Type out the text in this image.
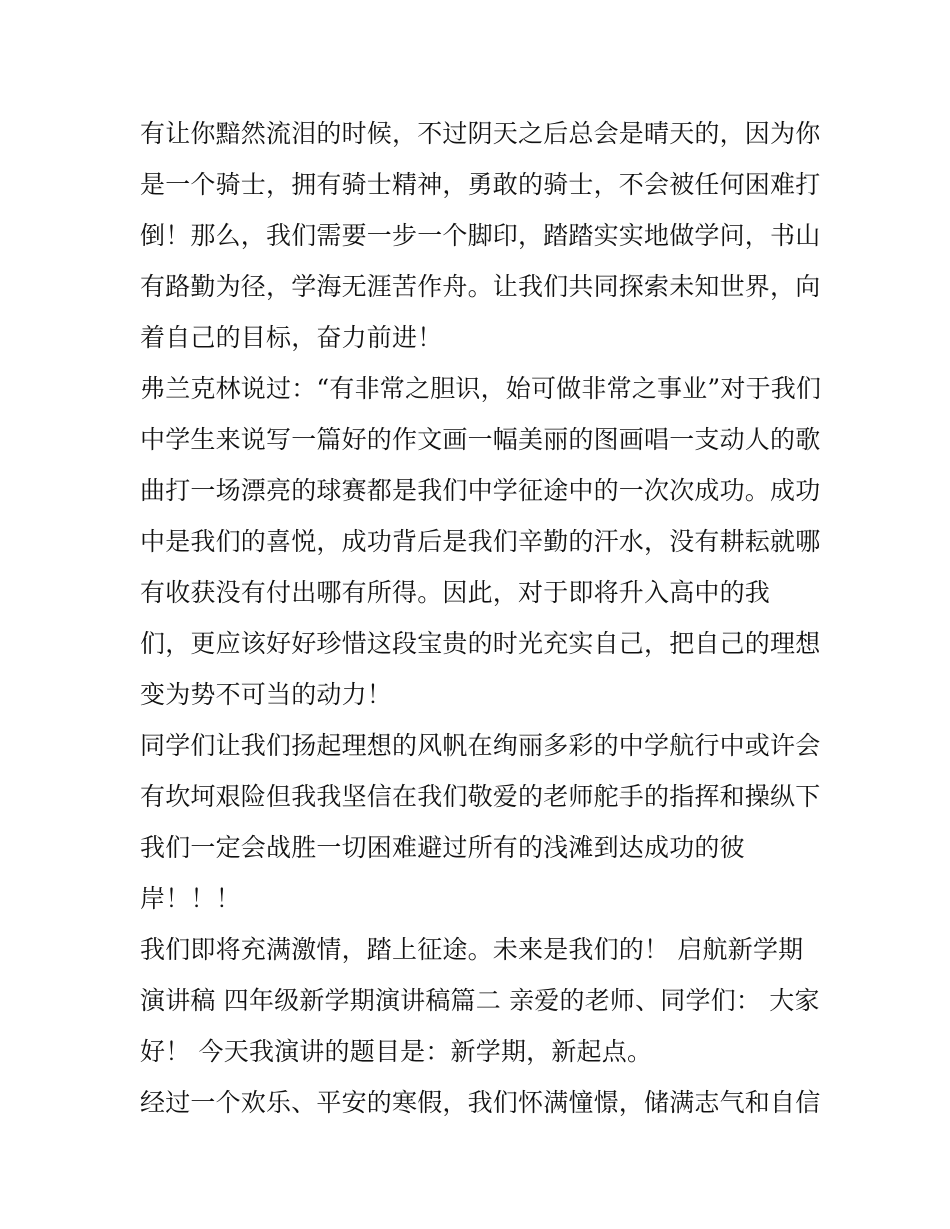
有让你黯然流泪的时候，不过阴天之后总会是晴天的，因为你
是一个骑士，拥有骑士精神，勇敢的骑士，不会被任何困难打
倒！那么，我们需要一步一个脚印，踏踏实实地做学问，书山
有路勤为径，学海无涯苦作舟。让我们共同探索未知世界，向
着自己的目标，奋力前进！
弗兰克林说过：“有非常之胆识，始可做非常之事业”对于我们
中学生来说写一篇好的作文画一幅美丽的图画唱一支动人的歌
曲打一场漂亮的球赛都是我们中学征途中的一次次成功。成功
中是我们的喜悦，成功背后是我们辛勤的汗水，没有耕耘就哪
有收获没有付出哪有所得。因此，对于即将升入高中的我
们，更应该好好珍惜这段宝贵的时光充实自己，把自己的理想
变为势不可当的动力！
同学们让我们扬起理想的风帆在绚丽多彩的中学航行中或许会
有坎坷艰险但我我坚信在我们敬爱的老师舵手的指挥和操纵下
我们一定会战胜一切困难避过所有的浅滩到达成功的彼
岸！！！
我们即将充满激情，踏上征途。未来是我们的！ 启航新学期
演讲稿 四年级新学期演讲稿篇二 亲爱的老师、同学们： 大家
好！ 今天我演讲的题目是：新学期，新起点。
经过一个欢乐、平安的寒假，我们怀满憧憬，储满志气和自信
